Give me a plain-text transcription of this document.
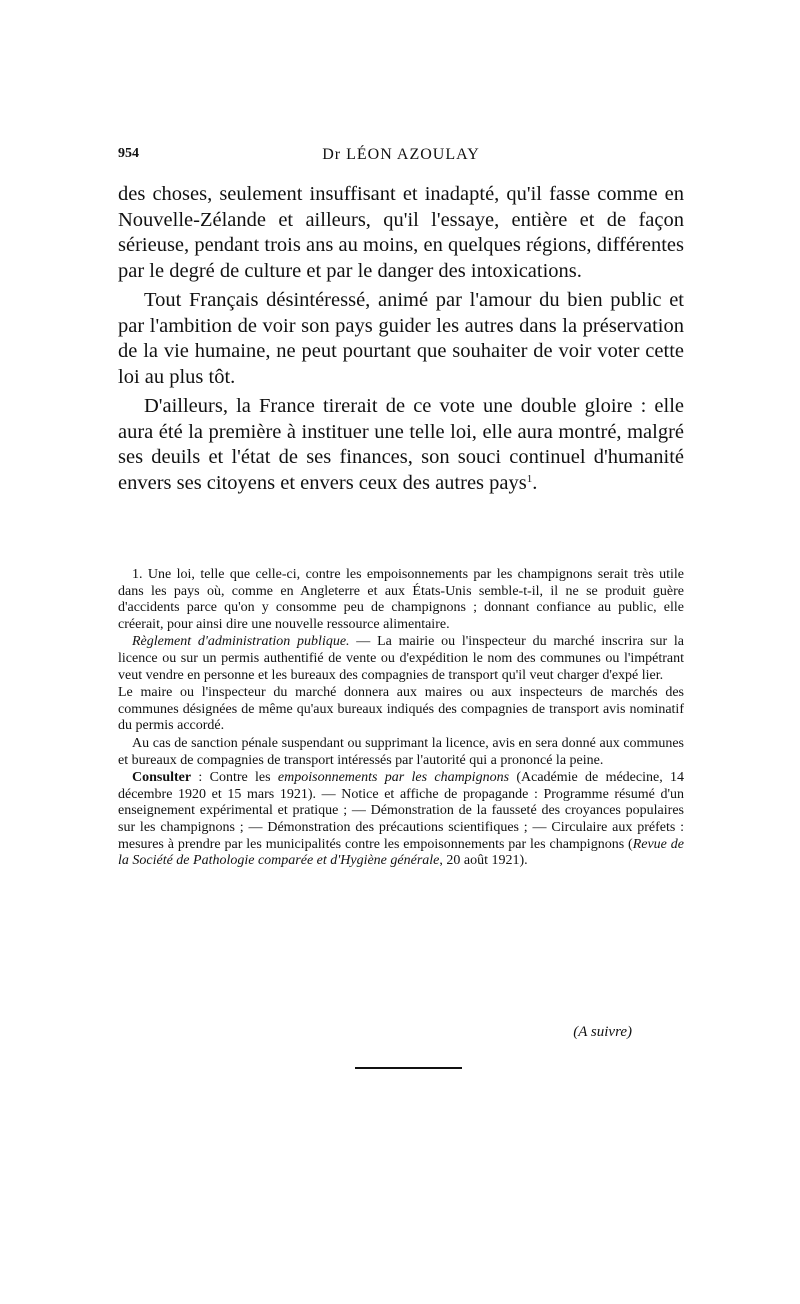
954	Dr LÉON AZOULAY

des choses, seulement insuffisant et inadapté, qu'il fasse comme en Nouvelle-Zélande et ailleurs, qu'il l'essaye, entière et de façon sérieuse, pendant trois ans au moins, en quelques régions, différentes par le degré de culture et par le danger des intoxications.

Tout Français désintéressé, animé par l'amour du bien public et par l'ambition de voir son pays guider les autres dans la préservation de la vie humaine, ne peut pourtant que souhaiter de voir voter cette loi au plus tôt.

D'ailleurs, la France tirerait de ce vote une double gloire : elle aura été la première à instituer une telle loi, elle aura montré, malgré ses deuils et l'état de ses finances, son souci continuel d'humanité envers ses citoyens et envers ceux des autres pays$^1$.

1. Une loi, telle que celle-ci, contre les empoisonnements par les champignons serait très utile dans les pays où, comme en Angleterre et aux États-Unis semble-t-il, il ne se produit guère d'accidents parce qu'on y consomme peu de champignons ; donnant confiance au public, elle créerait, pour ainsi dire une nouvelle ressource alimentaire.

Règlement d'administration publique. — La mairie ou l'inspecteur du marché inscrira sur la licence ou sur un permis authentifié de vente ou d'expédition le nom des communes ou l'impétrant veut vendre en personne et les bureaux des compagnies de transport qu'il veut charger d'expé lier.

Le maire ou l'inspecteur du marché donnera aux maires ou aux inspecteurs de marchés des communes désignées de même qu'aux bureaux indiqués des compagnies de transport avis nominatif du permis accordé.

Au cas de sanction pénale suspendant ou supprimant la licence, avis en sera donné aux communes et bureaux de compagnies de transport intéressés par l'autorité qui a prononcé la peine.

Consulter : Contre les empoisonnements par les champignons (Académie de médecine, 14 décembre 1920 et 15 mars 1921). — Notice et affiche de propagande : Programme résumé d'un enseignement expérimental et pratique ; — Démonstration de la fausseté des croyances populaires sur les champignons ; — Démonstration des précautions scientifiques ; — Circulaire aux préfets : mesures à prendre par les municipalités contre les empoisonnements par les champignons (Revue de la Société de Pathologie comparée et d'Hygiène générale, 20 août 1921).

(A suivre)
